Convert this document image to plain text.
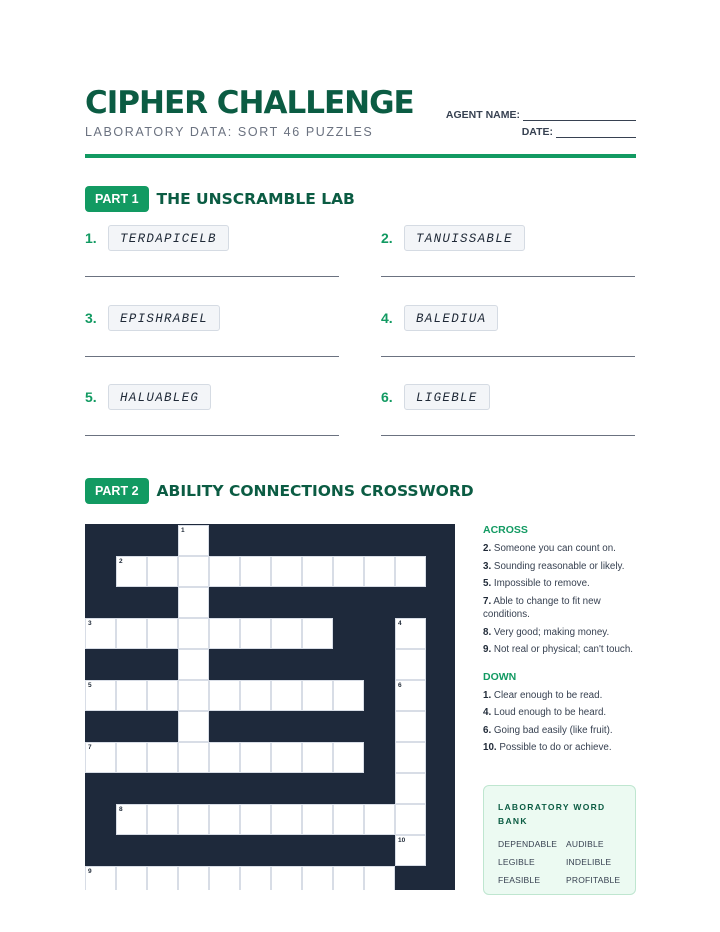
CIPHER CHALLENGE
LABORATORY DATA: SORT 46 PUZZLES
AGENT NAME:
DATE:
PART 1	THE UNSCRAMBLE LAB
1.	TERDAPICELB	2.	TANUISSABLE
3.	EPISHRABEL	4.	BALEDIUA
5.	HALUABLEG	6.	LIGEBLE
PART 2	ABILITY CONNECTIONS CROSSWORD
1
2
3
5
7
8
4
6
10
9
ACROSS
2. Someone you can count on.
3. Sounding reasonable or likely.
5. Impossible to remove.
7. Able to change to fit new conditions.
8. Very good; making money.
9. Not real or physical; can't touch.
DOWN
1. Clear enough to be read.
4. Loud enough to be heard.
6. Going bad easily (like fruit).
10. Possible to do or achieve.
LABORATORY WORD BANK
DEPENDABLE	AUDIBLE
LEGIBLE	INDELIBLE
FEASIBLE	PROFITABLE
